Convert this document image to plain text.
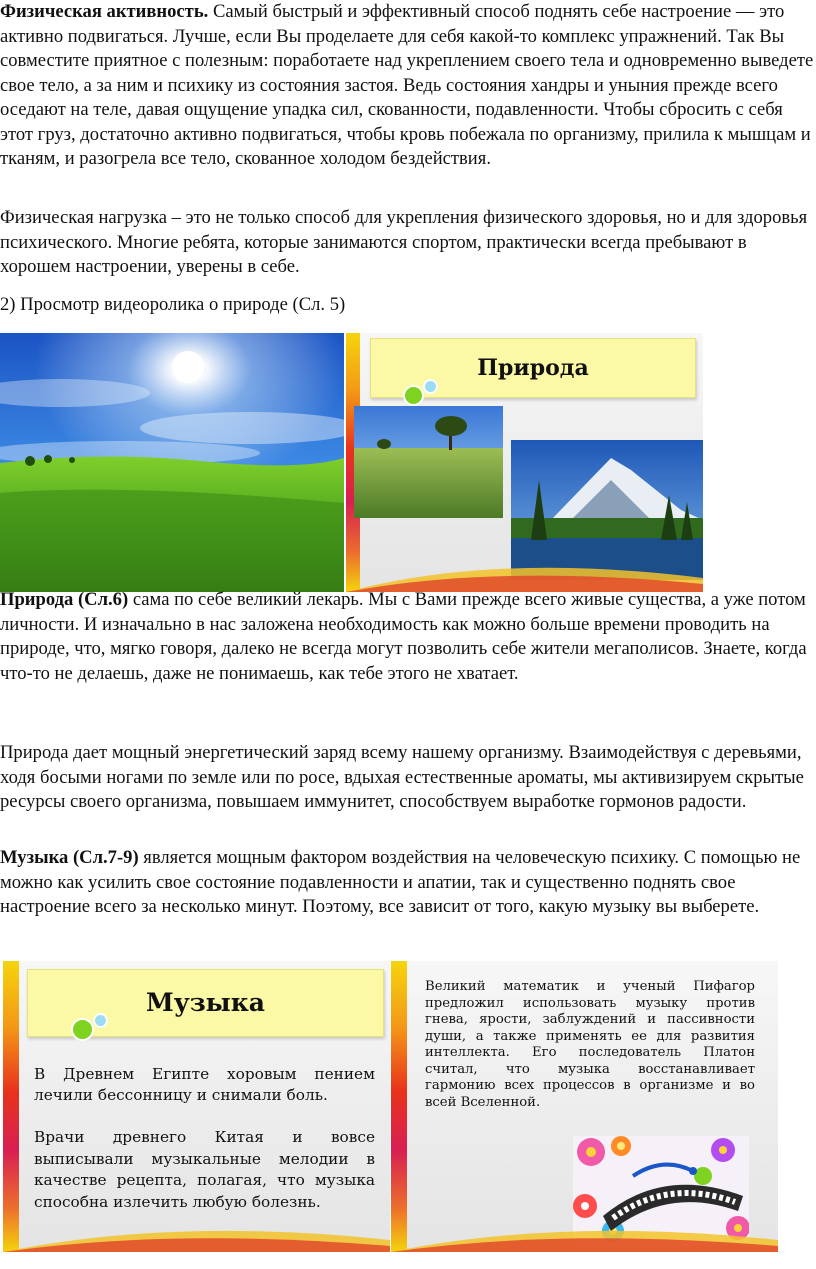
Физическая активность. Самый быстрый и эффективный способ поднять себе настроение — это активно подвигаться. Лучше, если Вы проделаете для себя какой-то комплекс упражнений. Так Вы совместите приятное с полезным: поработаете над укреплением своего тела и одновременно выведете свое тело, а за ним и психику из состояния застоя. Ведь состояния хандры и уныния прежде всего оседают на теле, давая ощущение упадка сил, скованности, подавленности. Чтобы сбросить с себя этот груз, достаточно активно подвигаться, чтобы кровь побежала по организму, прилила к мышцам и тканям, и разогрела все тело, скованное холодом бездействия.

Физическая нагрузка – это не только способ для укрепления физического здоровья, но и для здоровья психического. Многие ребята, которые занимаются спортом, практически всегда пребывают в хорошем настроении, уверены в себе.

2) Просмотр видеоролика о природе (Сл. 5)

Природа

Природа (Сл.6) сама по себе великий лекарь. Мы с Вами прежде всего живые существа, а уже потом личности. И изначально в нас заложена необходимость как можно больше времени проводить на природе, что, мягко говоря, далеко не всегда могут позволить себе жители мегаполисов. Знаете, когда что-то не делаешь, даже не понимаешь, как тебе этого не хватает.

Природа дает мощный энергетический заряд всему нашему организму. Взаимодействуя с деревьями, ходя босыми ногами по земле или по росе, вдыхая естественные ароматы, мы активизируем скрытые ресурсы своего организма, повышаем иммунитет, способствуем выработке гормонов радости.

Музыка (Сл.7-9) является мощным фактором воздействия на человеческую психику. С помощью не можно как усилить свое состояние подавленности и апатии, так и существенно поднять свое настроение всего за несколько минут. Поэтому, все зависит от того, какую музыку вы выберете.

Музыка

В Древнем Египте хоровым пением лечили бессонницу и снимали боль.

Врачи древнего Китая и вовсе выписывали музыкальные мелодии в качестве рецепта, полагая, что музыка способна излечить любую болезнь.

Великий математик и ученый Пифагор предложил использовать музыку против гнева, ярости, заблуждений и пассивности души, а также применять ее для развития интеллекта. Его последователь Платон считал, что музыка восстанавливает гармонию всех процессов в организме и во всей Вселенной.
